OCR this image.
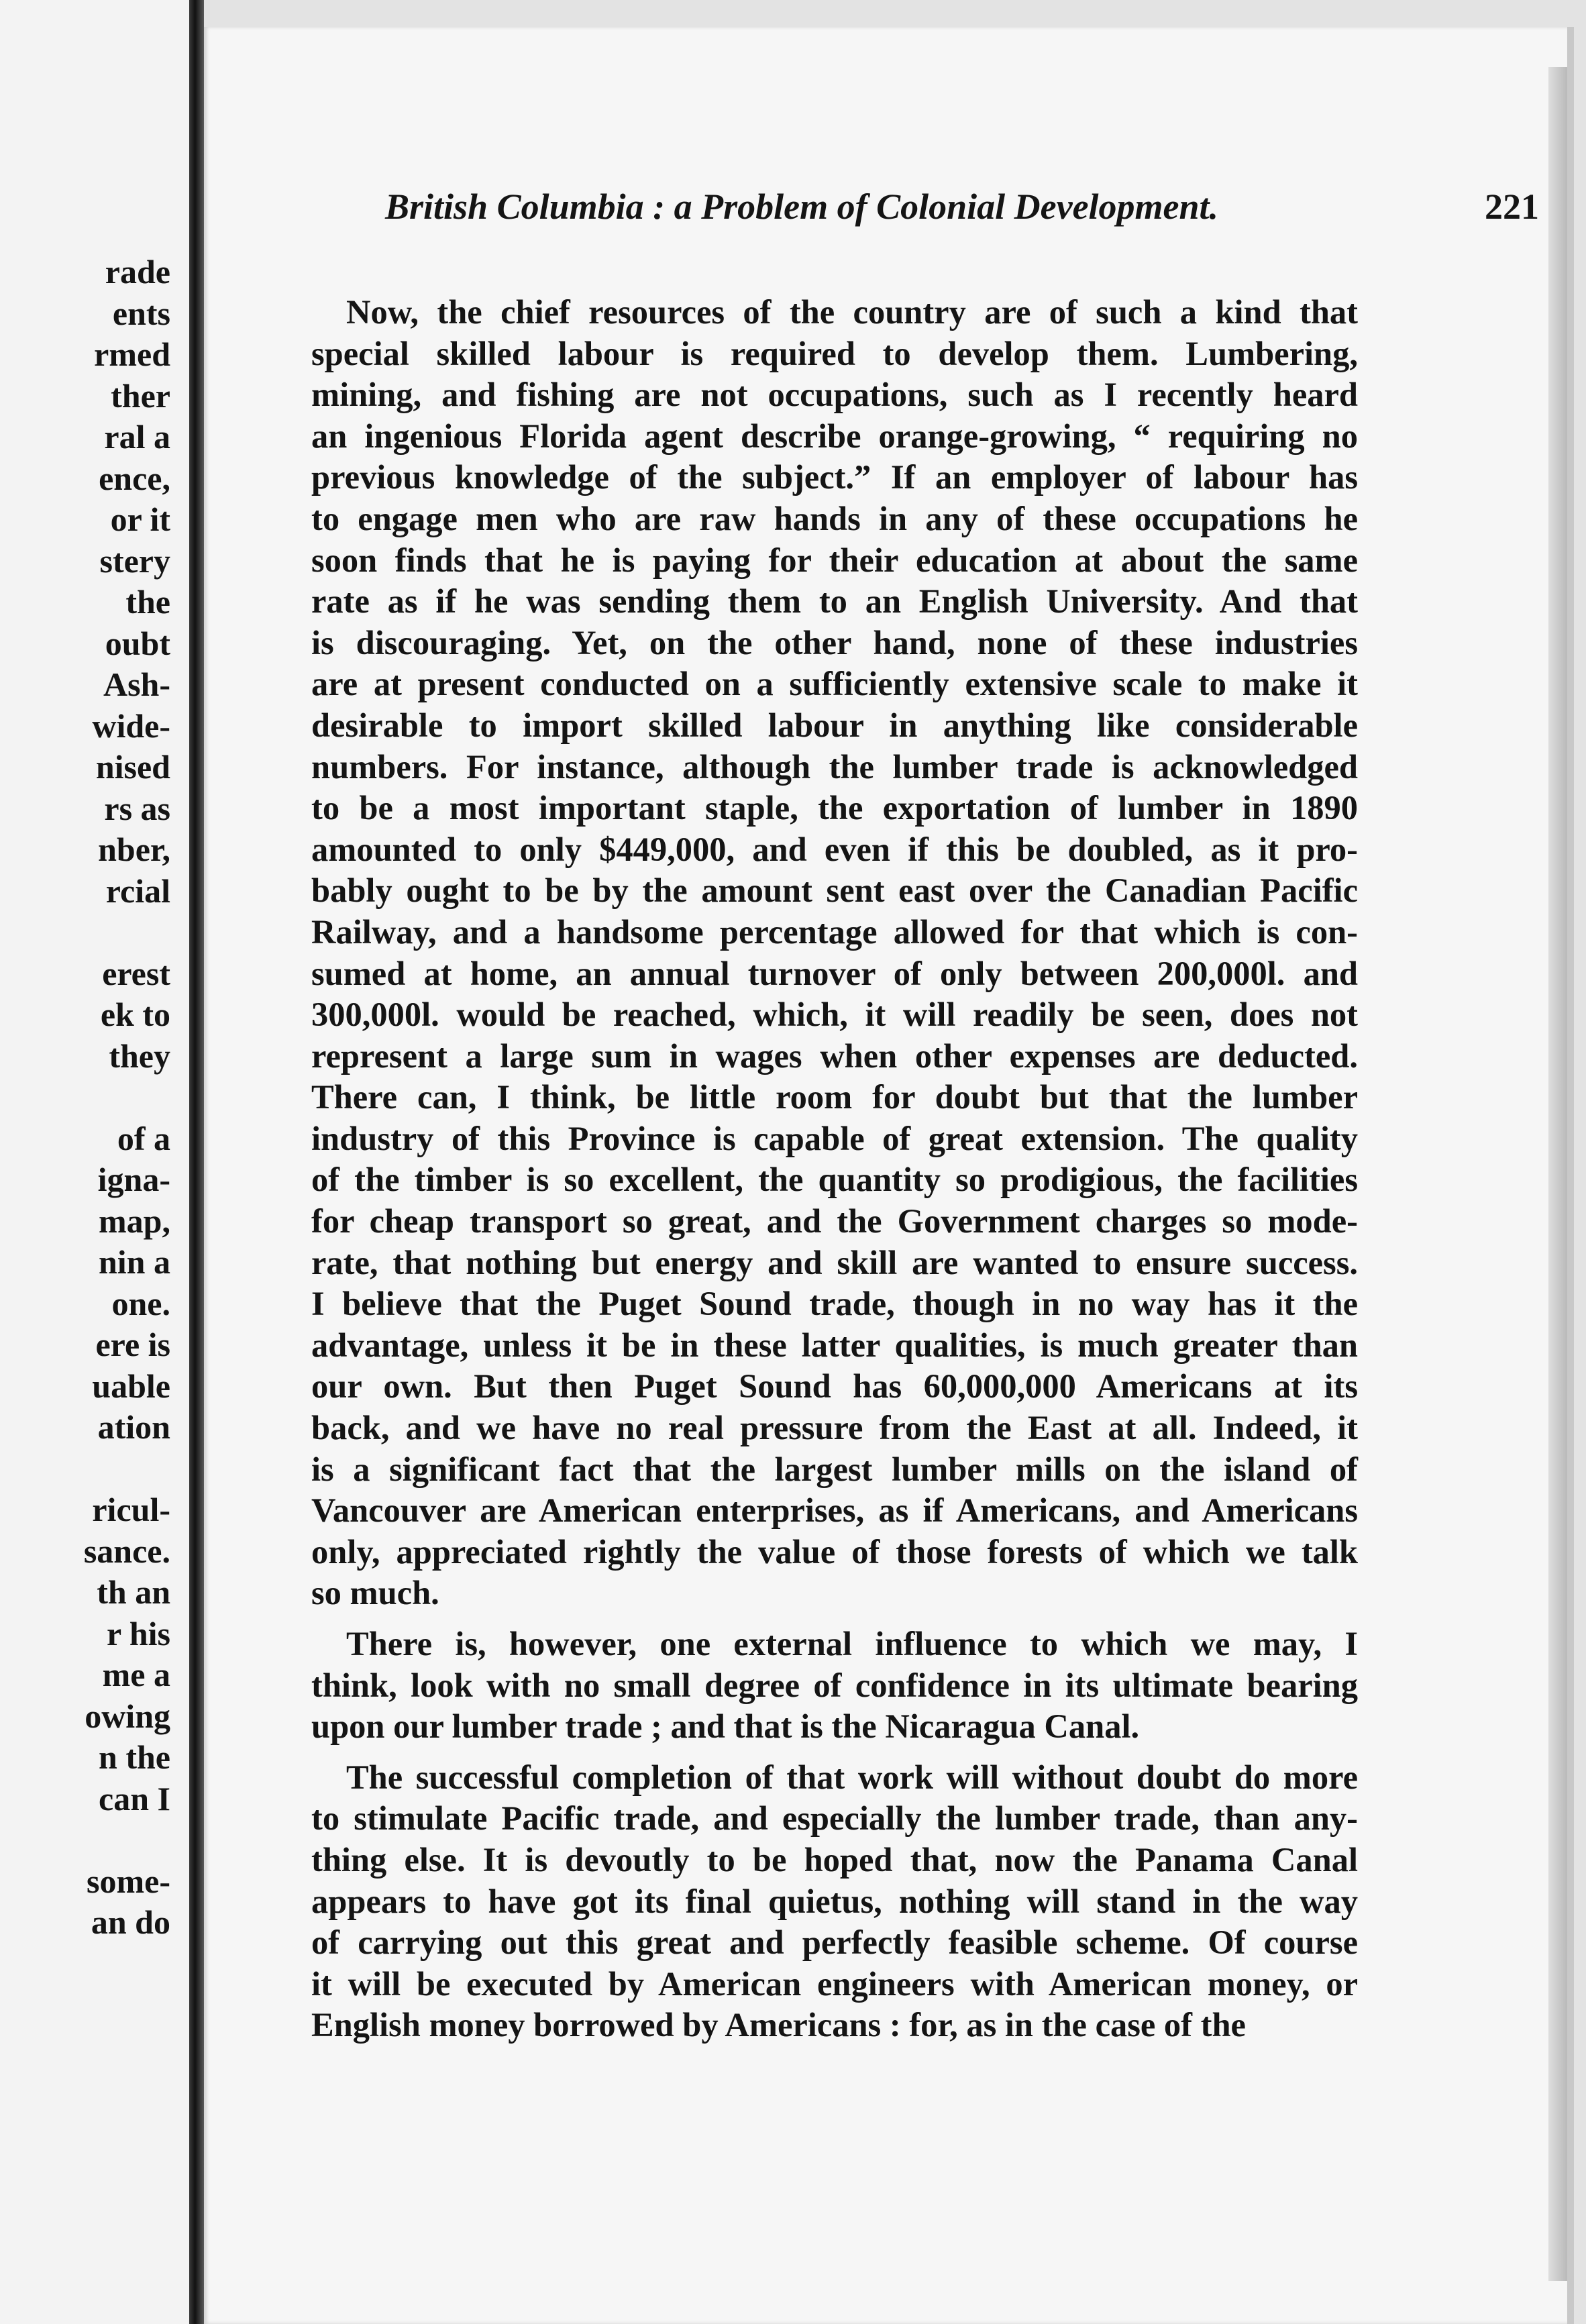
rade
ents
rmed
ther
ral a
ence,
or it
stery
the
oubt
Ash-
wide-
nised
rs as
nber,
rcial
erest
ek to
they
of a
igna-
map,
nin a
one.
ere is
uable
ation
ricul-
sance.
th an
r his
me a
owing
n the
can I
some-
an do
British Columbia : a Problem of Colonial Development.	221
Now, the chief resources of the country are of such a kind that
special skilled labour is required to develop them. Lumbering,
mining, and fishing are not occupations, such as I recently heard
an ingenious Florida agent describe orange-growing, “ requiring no
previous knowledge of the subject.” If an employer of labour has
to engage men who are raw hands in any of these occupations he
soon finds that he is paying for their education at about the same
rate as if he was sending them to an English University. And that
is discouraging. Yet, on the other hand, none of these industries
are at present conducted on a sufficiently extensive scale to make it
desirable to import skilled labour in anything like considerable
numbers. For instance, although the lumber trade is acknowledged
to be a most important staple, the exportation of lumber in 1890
amounted to only $449,000, and even if this be doubled, as it pro-
bably ought to be by the amount sent east over the Canadian Pacific
Railway, and a handsome percentage allowed for that which is con-
sumed at home, an annual turnover of only between 200,000l. and
300,000l. would be reached, which, it will readily be seen, does not
represent a large sum in wages when other expenses are deducted.
There can, I think, be little room for doubt but that the lumber
industry of this Province is capable of great extension. The quality
of the timber is so excellent, the quantity so prodigious, the facilities
for cheap transport so great, and the Government charges so mode-
rate, that nothing but energy and skill are wanted to ensure success.
I believe that the Puget Sound trade, though in no way has it the
advantage, unless it be in these latter qualities, is much greater than
our own. But then Puget Sound has 60,000,000 Americans at its
back, and we have no real pressure from the East at all. Indeed, it
is a significant fact that the largest lumber mills on the island of
Vancouver are American enterprises, as if Americans, and Americans
only, appreciated rightly the value of those forests of which we talk
so much.
There is, however, one external influence to which we may, I
think, look with no small degree of confidence in its ultimate bearing
upon our lumber trade ; and that is the Nicaragua Canal.
The successful completion of that work will without doubt do more
to stimulate Pacific trade, and especially the lumber trade, than any-
thing else. It is devoutly to be hoped that, now the Panama Canal
appears to have got its final quietus, nothing will stand in the way
of carrying out this great and perfectly feasible scheme. Of course
it will be executed by American engineers with American money, or
English money borrowed by Americans : for, as in the case of the
